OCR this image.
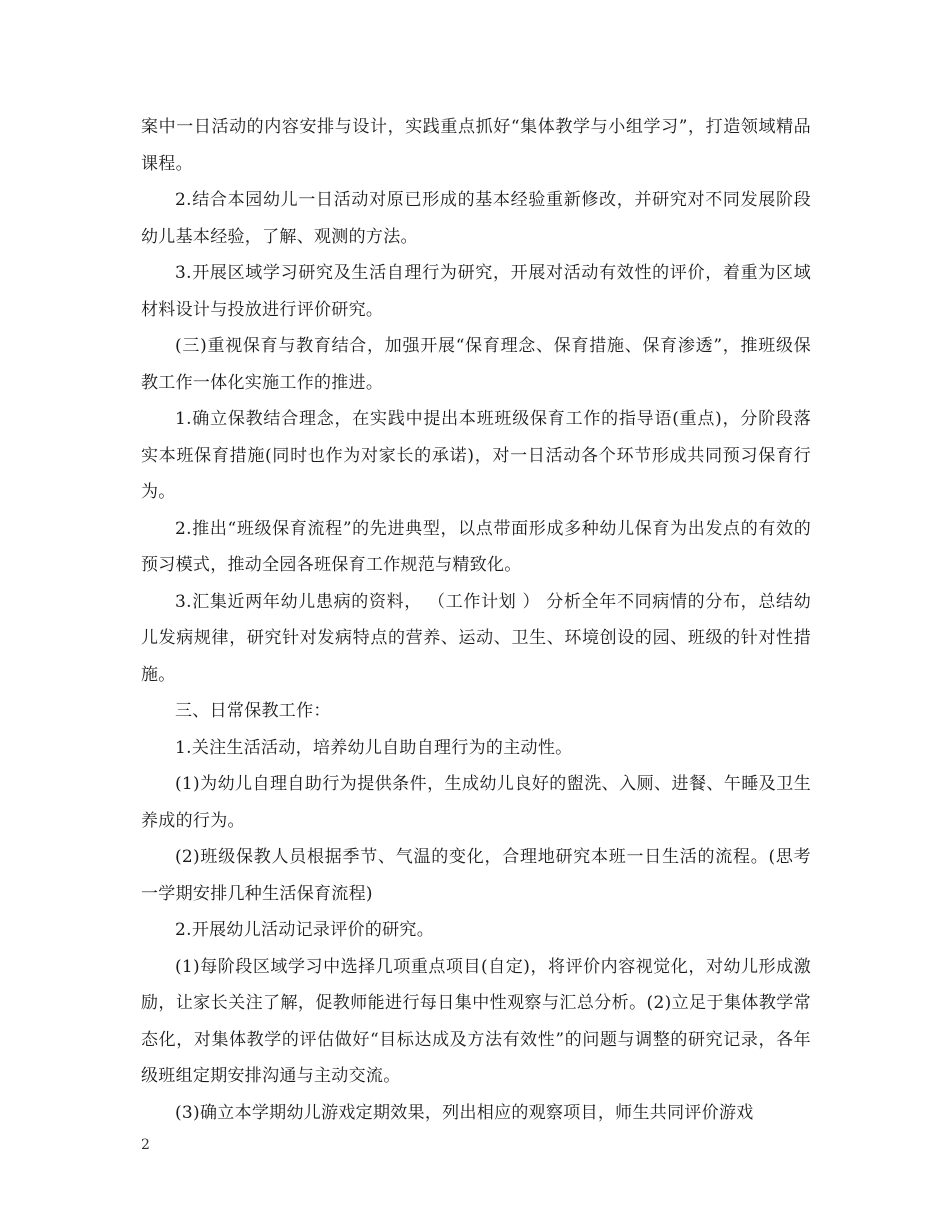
案中一日活动的内容安排与设计，实践重点抓好“集体教学与小组学习”，打造领域精品课程。

2.结合本园幼儿一日活动对原已形成的基本经验重新修改，并研究对不同发展阶段幼儿基本经验，了解、观测的方法。

3.开展区域学习研究及生活自理行为研究，开展对活动有效性的评价，着重为区域材料设计与投放进行评价研究。

(三)重视保育与教育结合，加强开展“保育理念、保育措施、保育渗透”，推班级保教工作一体化实施工作的推进。

1.确立保教结合理念，在实践中提出本班班级保育工作的指导语(重点)，分阶段落实本班保育措施(同时也作为对家长的承诺)，对一日活动各个环节形成共同预习保育行为。

2.推出“班级保育流程”的先进典型，以点带面形成多种幼儿保育为出发点的有效的预习模式，推动全园各班保育工作规范与精致化。

3.汇集近两年幼儿患病的资料， （工作计划 ） 分析全年不同病情的分布，总结幼儿发病规律，研究针对发病特点的营养、运动、卫生、环境创设的园、班级的针对性措施。

三、日常保教工作：

1.关注生活活动，培养幼儿自助自理行为的主动性。

(1)为幼儿自理自助行为提供条件，生成幼儿良好的盥洗、入厕、进餐、午睡及卫生养成的行为。

(2)班级保教人员根据季节、气温的变化，合理地研究本班一日生活的流程。(思考一学期安排几种生活保育流程)

2.开展幼儿活动记录评价的研究。

(1)每阶段区域学习中选择几项重点项目(自定)，将评价内容视觉化，对幼儿形成激励，让家长关注了解，促教师能进行每日集中性观察与汇总分析。(2)立足于集体教学常态化，对集体教学的评估做好“目标达成及方法有效性”的问题与调整的研究记录，各年级班组定期安排沟通与主动交流。

(3)确立本学期幼儿游戏定期效果，列出相应的观察项目，师生共同评价游戏

2
